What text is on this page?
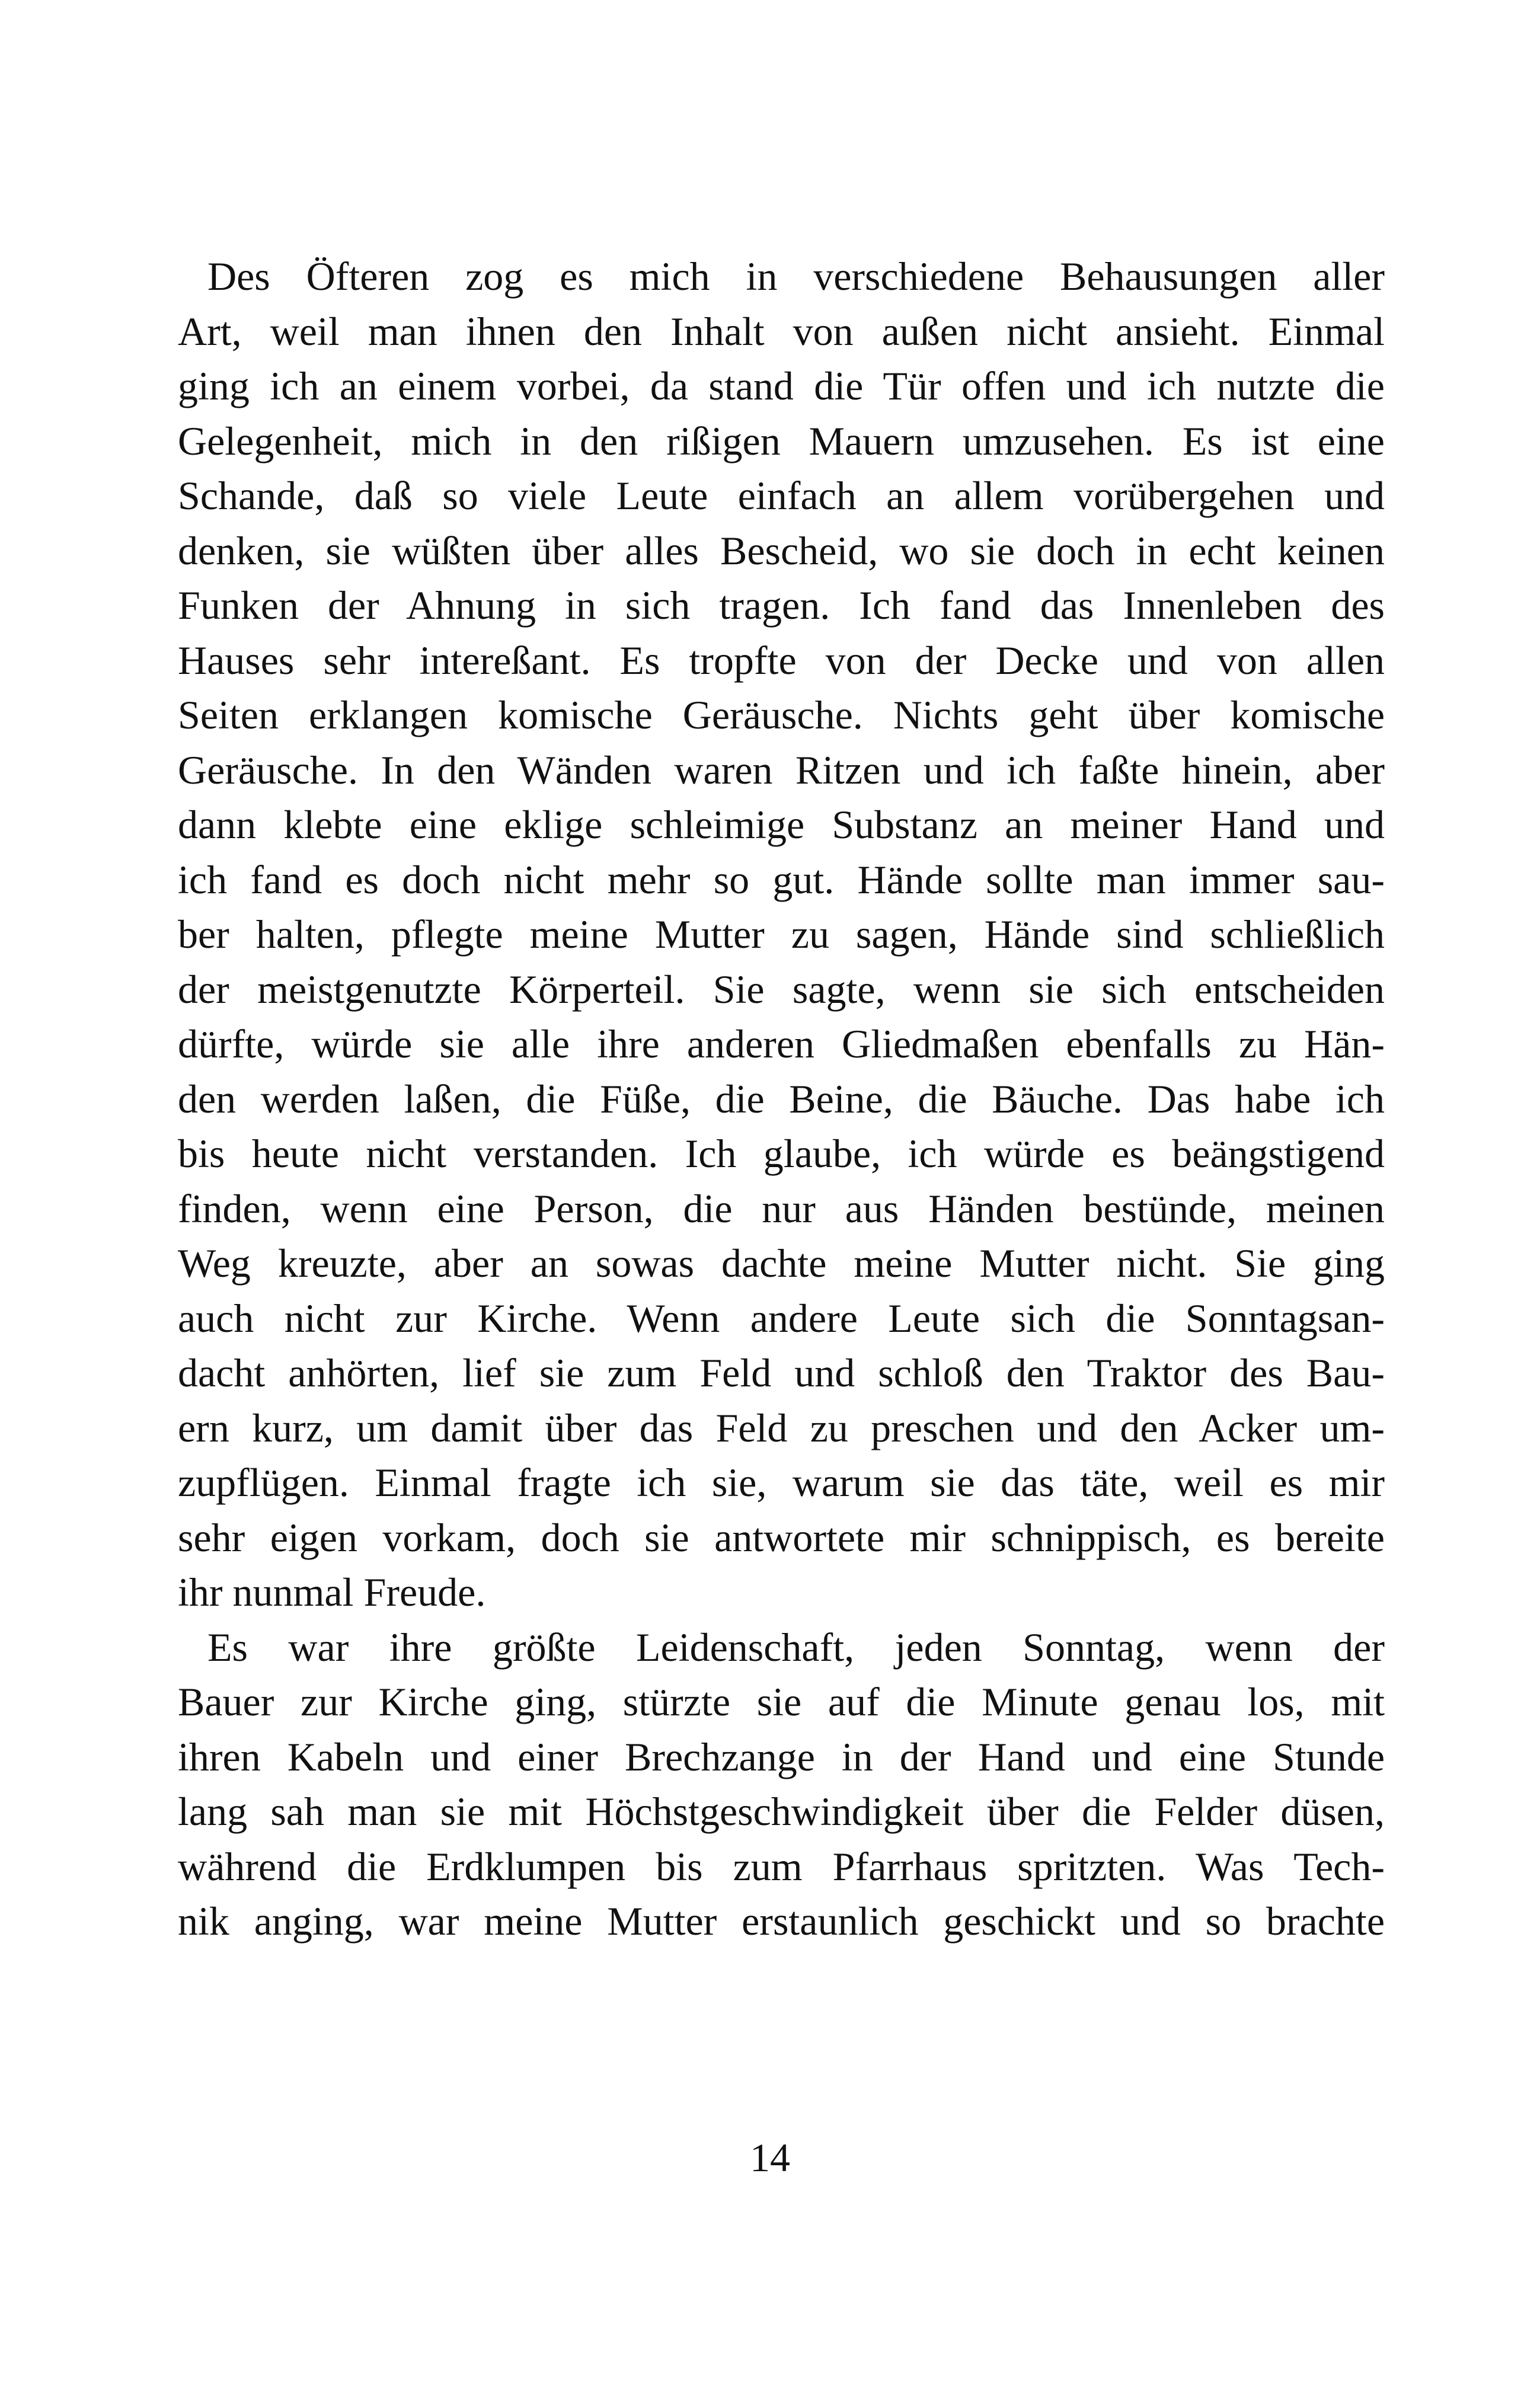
Des Öfteren zog es mich in verschiedene Behausungen aller
Art, weil man ihnen den Inhalt von außen nicht ansieht. Einmal
ging ich an einem vorbei, da stand die Tür offen und ich nutzte die
Gelegenheit, mich in den rißigen Mauern umzusehen. Es ist eine
Schande, daß so viele Leute einfach an allem vorübergehen und
denken, sie wüßten über alles Bescheid, wo sie doch in echt keinen
Funken der Ahnung in sich tragen. Ich fand das Innenleben des
Hauses sehr intereßant. Es tropfte von der Decke und von allen
Seiten erklangen komische Geräusche. Nichts geht über komische
Geräusche. In den Wänden waren Ritzen und ich faßte hinein, aber
dann klebte eine eklige schleimige Substanz an meiner Hand und
ich fand es doch nicht mehr so gut. Hände sollte man immer sau-
ber halten, pflegte meine Mutter zu sagen, Hände sind schließlich
der meistgenutzte Körperteil. Sie sagte, wenn sie sich entscheiden
dürfte, würde sie alle ihre anderen Gliedmaßen ebenfalls zu Hän-
den werden laßen, die Füße, die Beine, die Bäuche. Das habe ich
bis heute nicht verstanden. Ich glaube, ich würde es beängstigend
finden, wenn eine Person, die nur aus Händen bestünde, meinen
Weg kreuzte, aber an sowas dachte meine Mutter nicht. Sie ging
auch nicht zur Kirche. Wenn andere Leute sich die Sonntagsan-
dacht anhörten, lief sie zum Feld und schloß den Traktor des Bau-
ern kurz, um damit über das Feld zu preschen und den Acker um-
zupflügen. Einmal fragte ich sie, warum sie das täte, weil es mir
sehr eigen vorkam, doch sie antwortete mir schnippisch, es bereite
ihr nunmal Freude.

Es war ihre größte Leidenschaft, jeden Sonntag, wenn der
Bauer zur Kirche ging, stürzte sie auf die Minute genau los, mit
ihren Kabeln und einer Brechzange in der Hand und eine Stunde
lang sah man sie mit Höchstgeschwindigkeit über die Felder düsen,
während die Erdklumpen bis zum Pfarrhaus spritzten. Was Tech-
nik anging, war meine Mutter erstaunlich geschickt und so brachte

14
